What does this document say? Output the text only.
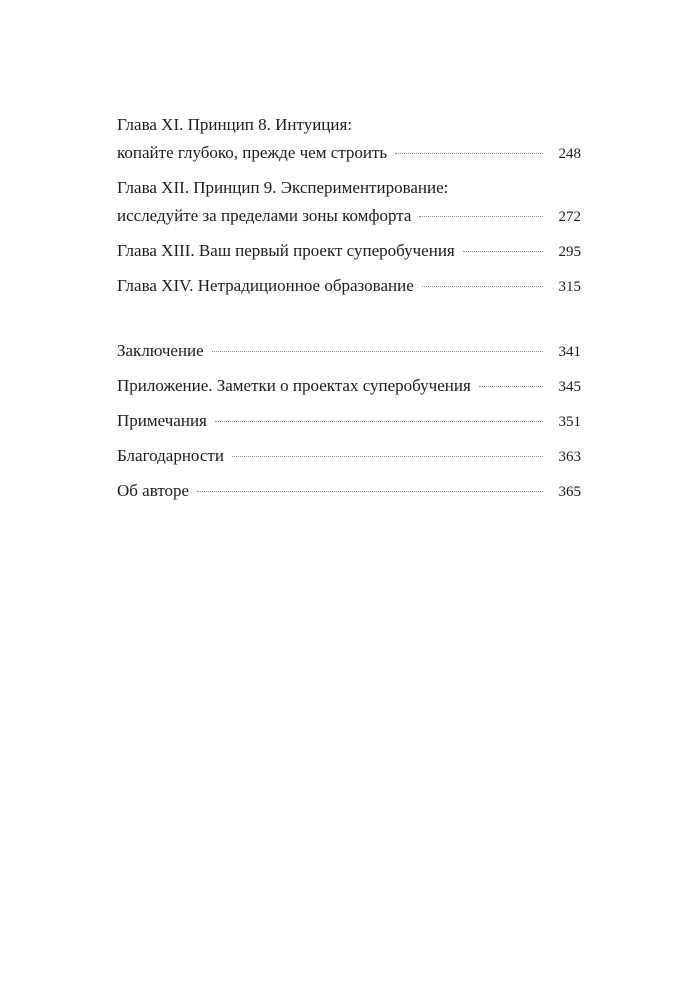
Глава XI. Принцип 8. Интуиция:
копайте глубоко, прежде чем строить	248
Глава XII. Принцип 9. Экспериментирование:
исследуйте за пределами зоны комфорта	272
Глава XIII. Ваш первый проект суперобучения	295
Глава XIV. Нетрадиционное образование	315
Заключение	341
Приложение. Заметки о проектах суперобучения	345
Примечания	351
Благодарности	363
Об авторе	365
